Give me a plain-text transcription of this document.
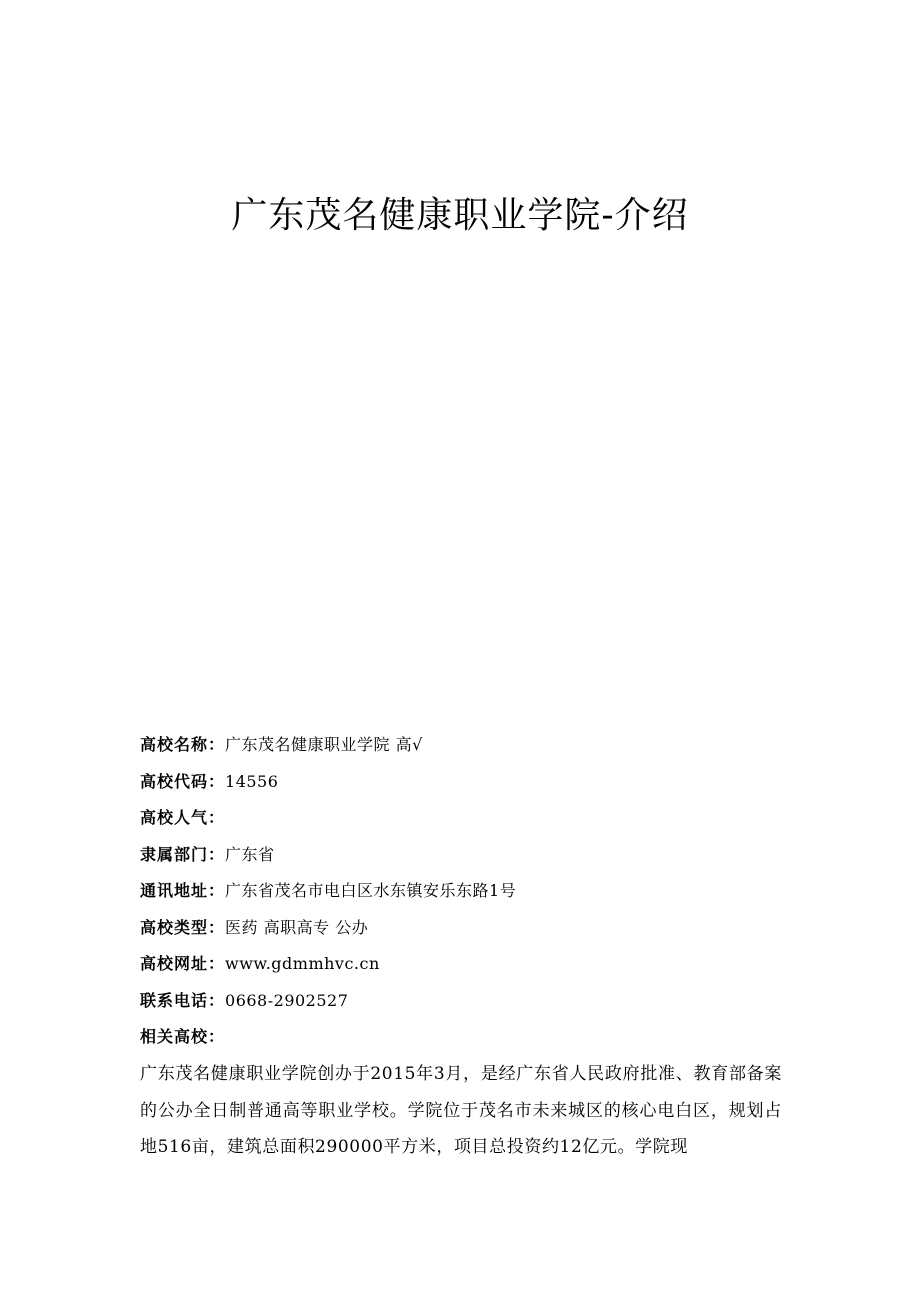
广东茂名健康职业学院-介绍
高校名称：广东茂名健康职业学院 高√
高校代码：14556
高校人气：
隶属部门：广东省
通讯地址：广东省茂名市电白区水东镇安乐东路1号
高校类型：医药 高职高专 公办
高校网址：www.gdmmhvc.cn
联系电话：0668-2902527
相关高校：
广东茂名健康职业学院创办于2015年3月，是经广东省人民政府批准、教育部备案的公办全日制普通高等职业学校。学院位于茂名市未来城区的核心电白区，规划占地516亩，建筑总面积290000平方米，项目总投资约12亿元。学院现
